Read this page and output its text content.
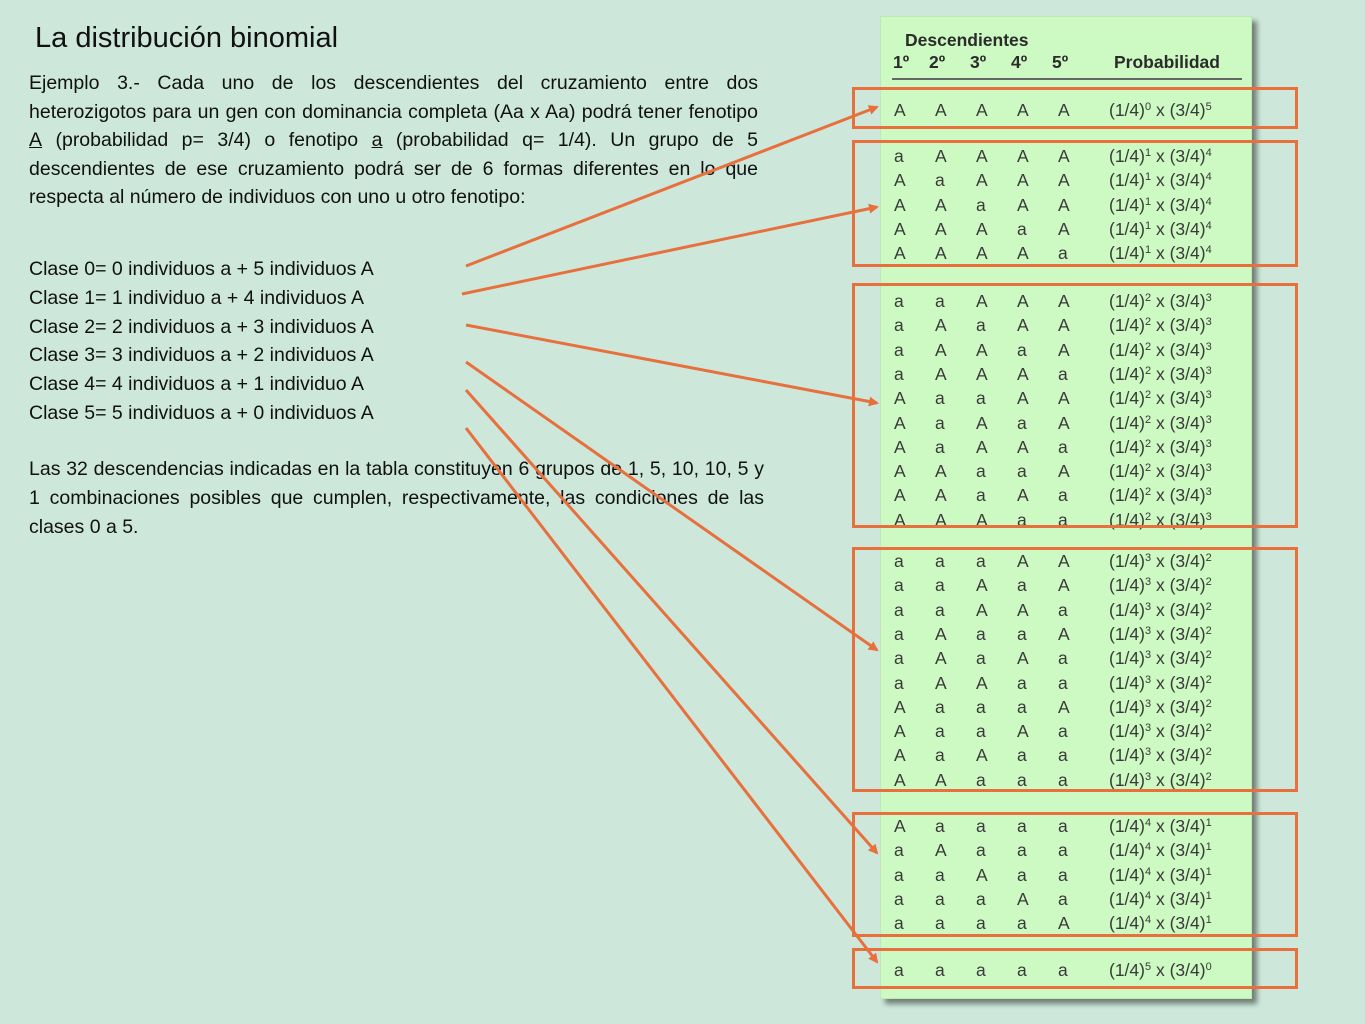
La distribución binomial

Ejemplo 3.- Cada uno de los descendientes del cruzamiento entre dos heterozigotos para un gen con dominancia completa (Aa x Aa) podrá tener fenotipo A (probabilidad p= 3/4) o fenotipo a (probabilidad q= 1/4). Un grupo de 5 descendientes de ese cruzamiento podrá ser de 6 formas diferentes en lo que respecta al número de individuos con uno u otro fenotipo:

Clase 0= 0 individuos a + 5 individuos A
Clase 1= 1 individuo a + 4 individuos A
Clase 2= 2 individuos a + 3 individuos A
Clase 3= 3 individuos a + 2 individuos A
Clase 4= 4 individuos a + 1 individuo A
Clase 5= 5 individuos a + 0 individuos A

Las 32 descendencias indicadas en la tabla constituyen 6 grupos de 1, 5, 10, 10, 5 y 1 combinaciones posibles que cumplen, respectivamente, las condiciones de las clases 0 a 5.

Descendientes
1º 2º 3º 4º 5º	Probabilidad
A A A A A $(1/4)^0$ x $(3/4)^5$
a A A A A $(1/4)^1$ x $(3/4)^4$
A a A A A $(1/4)^1$ x $(3/4)^4$
A A a A A $(1/4)^1$ x $(3/4)^4$
A A A a A $(1/4)^1$ x $(3/4)^4$
A A A A a $(1/4)^1$ x $(3/4)^4$
a a A A A $(1/4)^2$ x $(3/4)^3$
a A a A A $(1/4)^2$ x $(3/4)^3$
a A A a A $(1/4)^2$ x $(3/4)^3$
a A A A a $(1/4)^2$ x $(3/4)^3$
A a a A A $(1/4)^2$ x $(3/4)^3$
A a A a A $(1/4)^2$ x $(3/4)^3$
A a A A a $(1/4)^2$ x $(3/4)^3$
A A a a A $(1/4)^2$ x $(3/4)^3$
A A a A a $(1/4)^2$ x $(3/4)^3$
A A A a a $(1/4)^2$ x $(3/4)^3$
a a a A A $(1/4)^3$ x $(3/4)^2$
a a A a A $(1/4)^3$ x $(3/4)^2$
a a A A a $(1/4)^3$ x $(3/4)^2$
a A a a A $(1/4)^3$ x $(3/4)^2$
a A a A a $(1/4)^3$ x $(3/4)^2$
a A A a a $(1/4)^3$ x $(3/4)^2$
A a a a A $(1/4)^3$ x $(3/4)^2$
A a a A a $(1/4)^3$ x $(3/4)^2$
A a A a a $(1/4)^3$ x $(3/4)^2$
A A a a a $(1/4)^3$ x $(3/4)^2$
A a a a a $(1/4)^4$ x $(3/4)^1$
a A a a a $(1/4)^4$ x $(3/4)^1$
a a A a a $(1/4)^4$ x $(3/4)^1$
a a a A a $(1/4)^4$ x $(3/4)^1$
a a a a A $(1/4)^4$ x $(3/4)^1$
a a a a a $(1/4)^5$ x $(3/4)^0$
